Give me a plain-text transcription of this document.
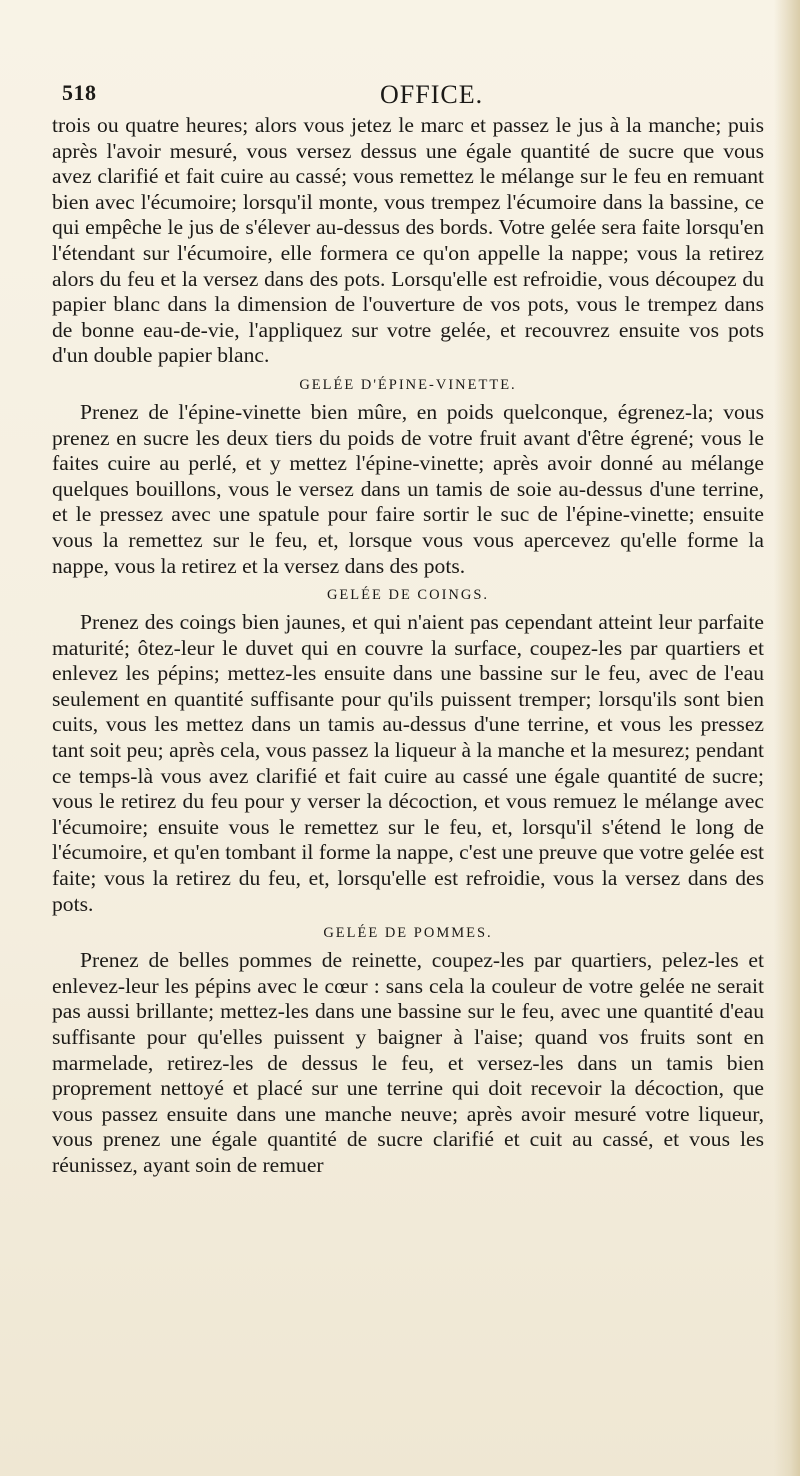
518	OFFICE.

trois ou quatre heures; alors vous jetez le marc et passez le jus à la manche; puis après l'avoir mesuré, vous versez dessus une égale quantité de sucre que vous avez clarifié et fait cuire au cassé; vous remettez le mélange sur le feu en remuant bien avec l'écumoire; lorsqu'il monte, vous trempez l'écumoire dans la bassine, ce qui empêche le jus de s'élever au-dessus des bords. Votre gelée sera faite lorsqu'en l'étendant sur l'écumoire, elle formera ce qu'on appelle la nappe; vous la retirez alors du feu et la versez dans des pots. Lorsqu'elle est refroidie, vous découpez du papier blanc dans la dimension de l'ouverture de vos pots, vous le trempez dans de bonne eau-de-vie, l'appliquez sur votre gelée, et recouvrez ensuite vos pots d'un double papier blanc.

GELÉE D'ÉPINE-VINETTE.

Prenez de l'épine-vinette bien mûre, en poids quelconque, égrenez-la; vous prenez en sucre les deux tiers du poids de votre fruit avant d'être égrené; vous le faites cuire au perlé, et y mettez l'épine-vinette; après avoir donné au mélange quelques bouillons, vous le versez dans un tamis de soie au-dessus d'une terrine, et le pressez avec une spatule pour faire sortir le suc de l'épine-vinette; ensuite vous la remettez sur le feu, et, lorsque vous vous apercevez qu'elle forme la nappe, vous la retirez et la versez dans des pots.

GELÉE DE COINGS.

Prenez des coings bien jaunes, et qui n'aient pas cependant atteint leur parfaite maturité; ôtez-leur le duvet qui en couvre la surface, coupez-les par quartiers et enlevez les pépins; mettez-les ensuite dans une bassine sur le feu, avec de l'eau seulement en quantité suffisante pour qu'ils puissent tremper; lorsqu'ils sont bien cuits, vous les mettez dans un tamis au-dessus d'une terrine, et vous les pressez tant soit peu; après cela, vous passez la liqueur à la manche et la mesurez; pendant ce temps-là vous avez clarifié et fait cuire au cassé une égale quantité de sucre; vous le retirez du feu pour y verser la décoction, et vous remuez le mélange avec l'écumoire; ensuite vous le remettez sur le feu, et, lorsqu'il s'étend le long de l'écumoire, et qu'en tombant il forme la nappe, c'est une preuve que votre gelée est faite; vous la retirez du feu, et, lorsqu'elle est refroidie, vous la versez dans des pots.

GELÉE DE POMMES.

Prenez de belles pommes de reinette, coupez-les par quartiers, pelez-les et enlevez-leur les pépins avec le cœur : sans cela la couleur de votre gelée ne serait pas aussi brillante; mettez-les dans une bassine sur le feu, avec une quantité d'eau suffisante pour qu'elles puissent y baigner à l'aise; quand vos fruits sont en marmelade, retirez-les de dessus le feu, et versez-les dans un tamis bien proprement nettoyé et placé sur une terrine qui doit recevoir la décoction, que vous passez ensuite dans une manche neuve; après avoir mesuré votre liqueur, vous prenez une égale quantité de sucre clarifié et cuit au cassé, et vous les réunissez, ayant soin de remuer
